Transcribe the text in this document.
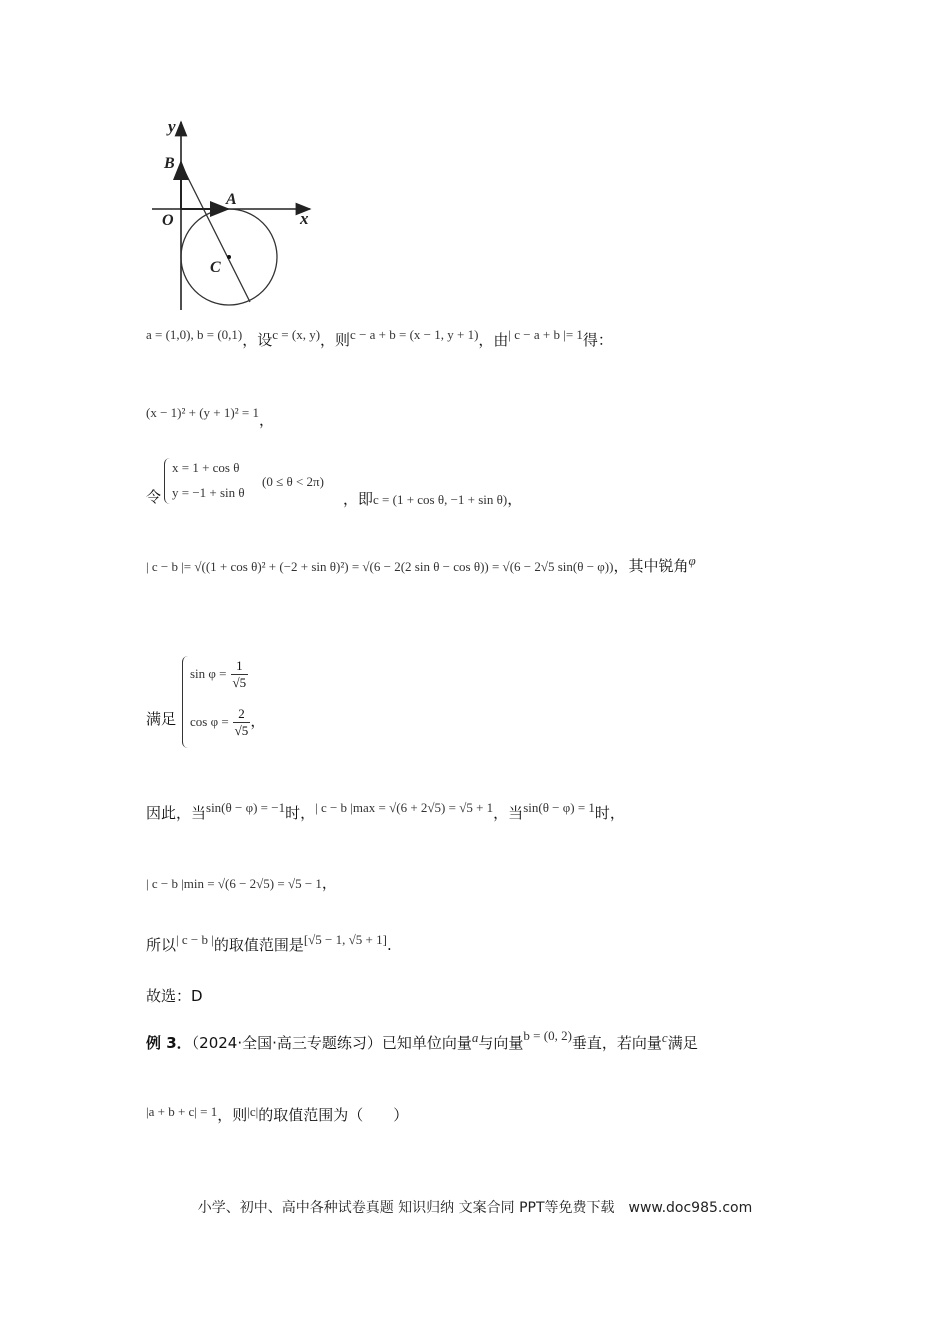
y
x
O
A
B
C
a = (1,0), b = (0,1)，设c = (x, y)，则c − a + b = (x − 1, y + 1)，由| c − a + b |= 1得：
(x − 1)² + (y + 1)² = 1，
令
x = 1 + cos θ
y = −1 + sin θ
(0 ≤ θ < 2π)
，即c = (1 + cos θ, −1 + sin θ)，
| c − b |= √((1 + cos θ)² + (−2 + sin θ)²) = √(6 − 2(2 sin θ − cos θ)) = √(6 − 2√5 sin(θ − φ))，其中锐角φ
满足
$\sin \varphi = \frac{1}{√5}$
$\cos \varphi = \frac{2}{√5}$ ，
因此，当sin(θ − φ) = −1时，| c − b |max = √(6 + 2√5) = √5 + 1，当sin(θ − φ) = 1时，
| c − b |min = √(6 − 2√5) = √5 − 1，
所以| c − b |的取值范围是[√5 − 1, √5 + 1].
故选：D
例 3．（2024·全国·高三专题练习）已知单位向量a与向量b = (0, 2)垂直，若向量c满足
|a + b + c| = 1，则|c|的取值范围为（　　）
小学、初中、高中各种试卷真题 知识归纳 文案合同 PPT等免费下载　www.doc985.com
